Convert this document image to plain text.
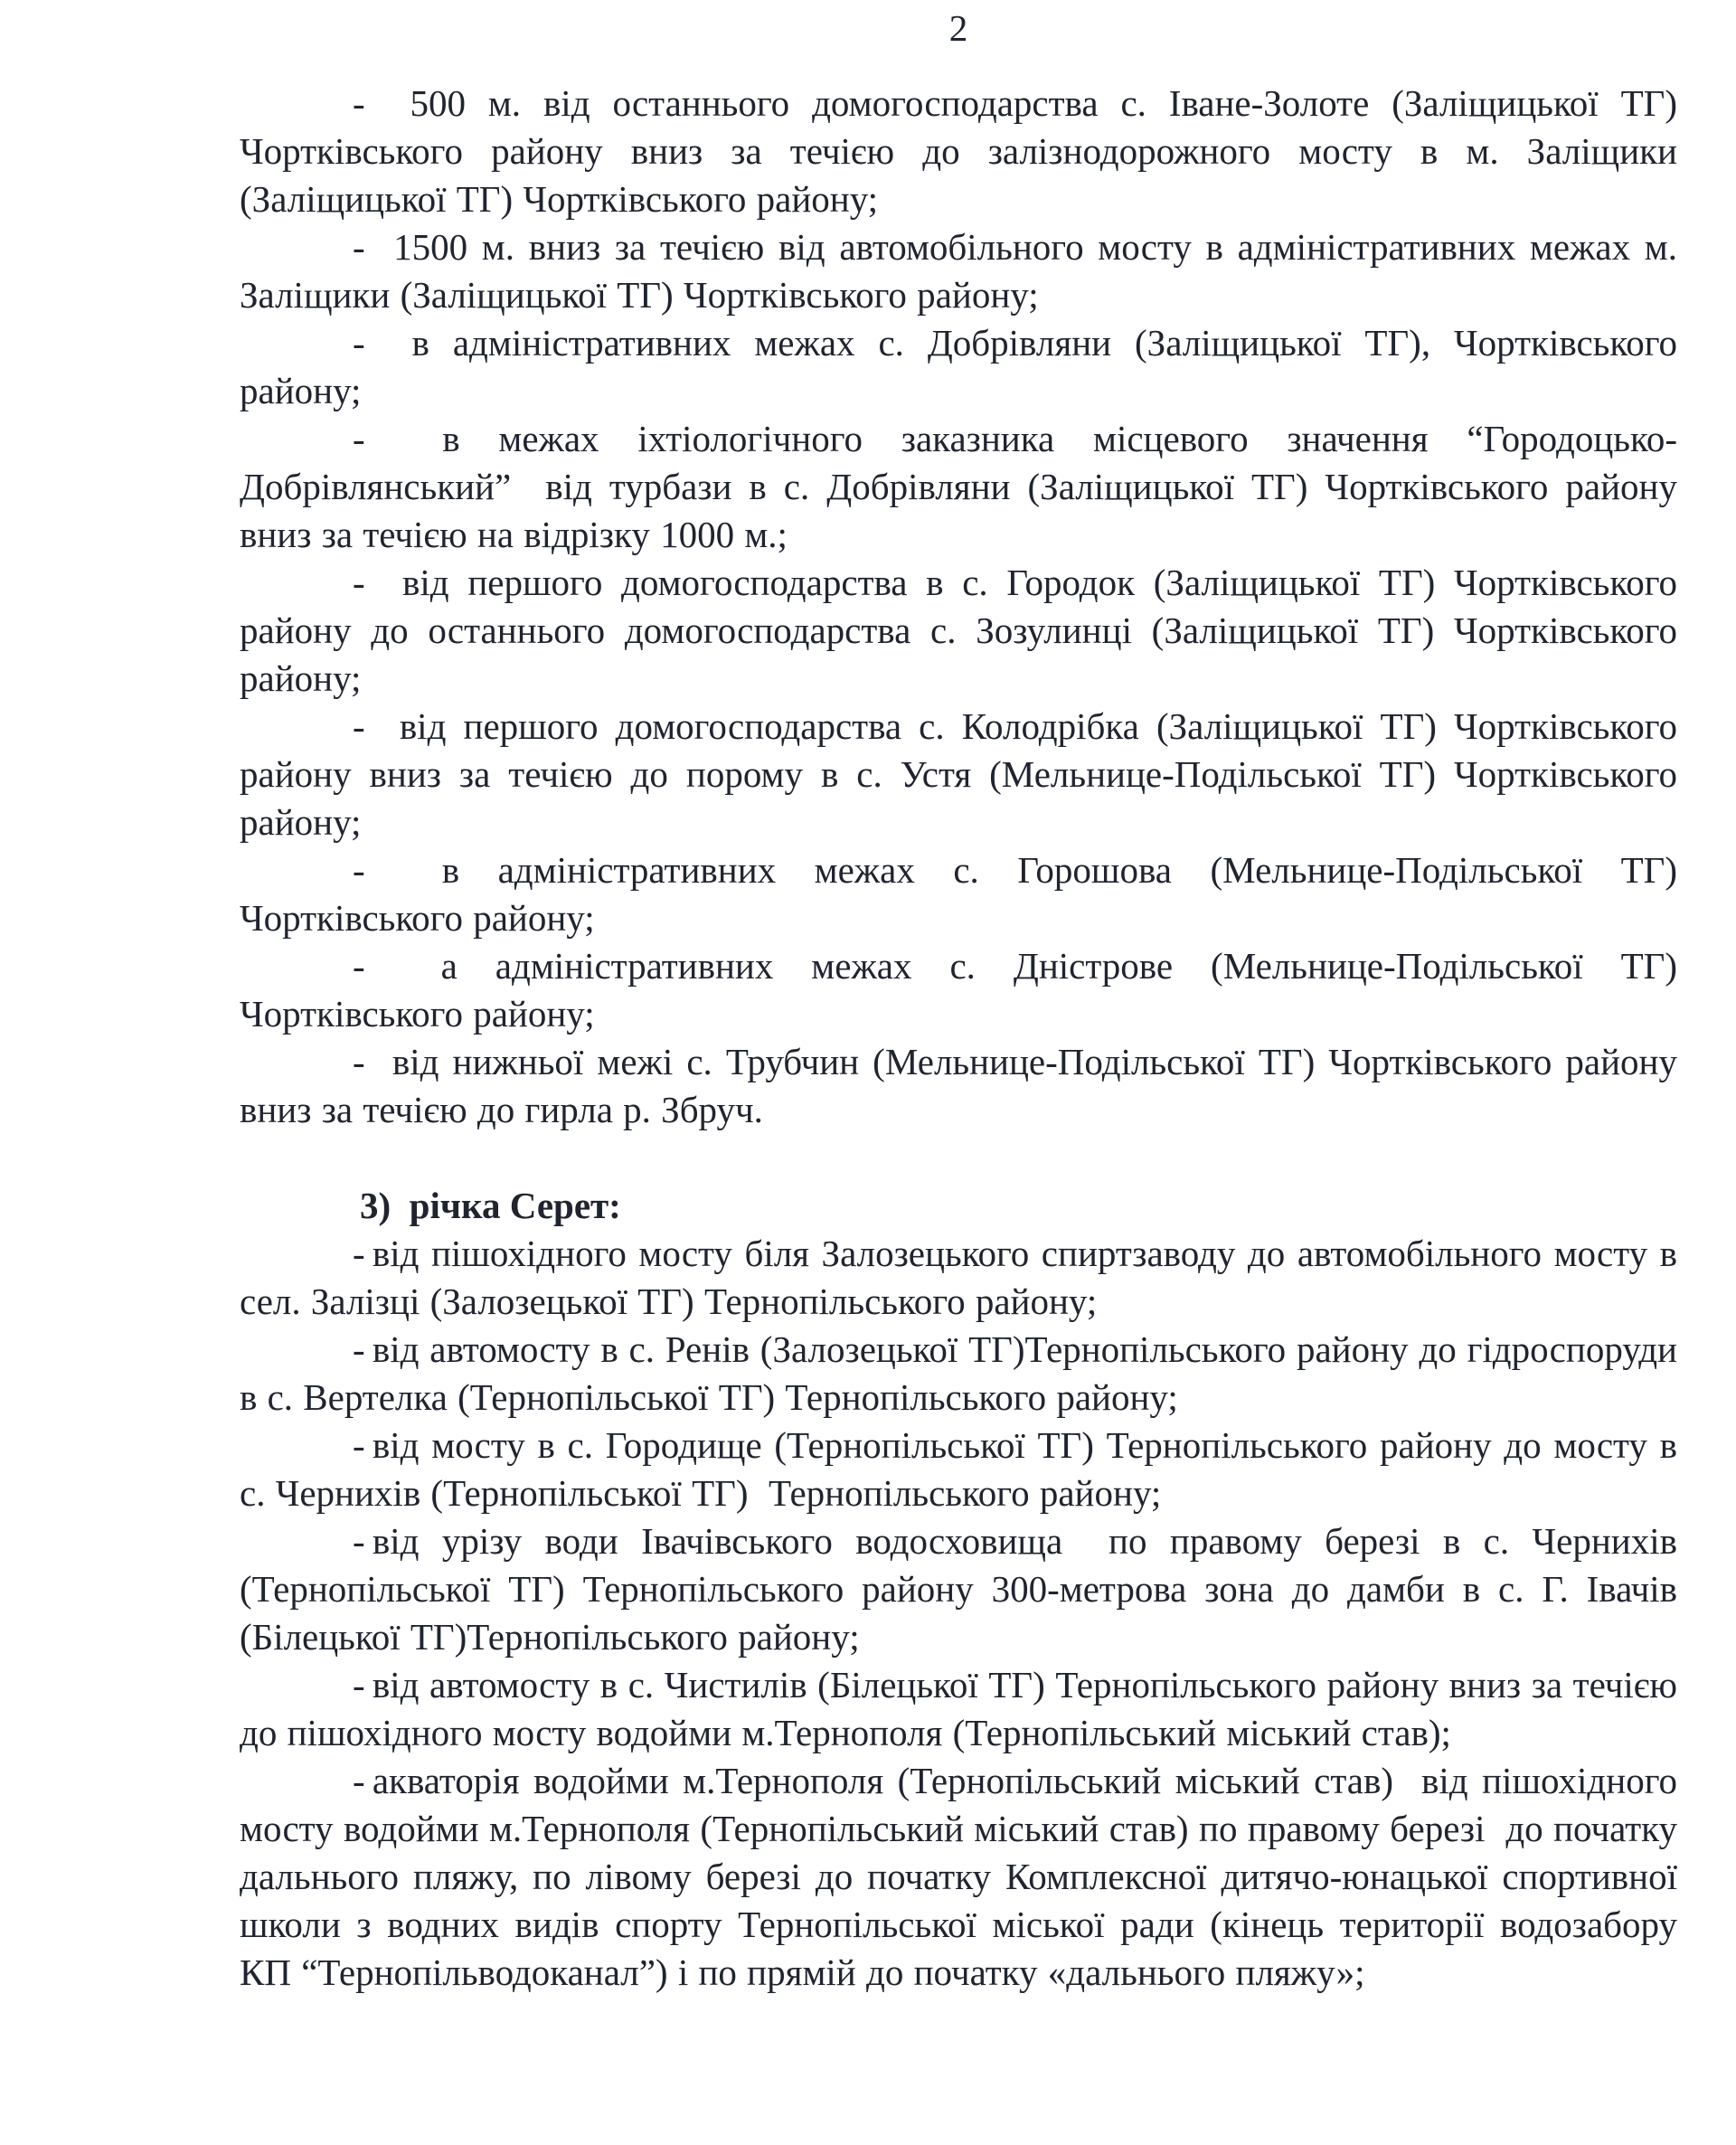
2

-  500 м. від останнього домогосподарства с. Іване-Золоте (Заліщицької ТГ) Чортківського району вниз за течією до залізнодорожного мосту в м. Заліщики (Заліщицької ТГ) Чортківського району;

-  1500 м. вниз за течією від автомобільного мосту в адміністративних межах м. Заліщики (Заліщицької ТГ) Чортківського району;

-  в адміністративних межах с. Добрівляни (Заліщицької ТГ), Чортківського району;

-  в межах іхтіологічного заказника місцевого значення “Городоцько-Добрівлянський”  від турбази в с. Добрівляни (Заліщицької ТГ) Чортківського району вниз за течією на відрізку 1000 м.;

-  від першого домогосподарства в с. Городок (Заліщицької ТГ) Чортківського району до останнього домогосподарства с. Зозулинці (Заліщицької ТГ) Чортківського району;

-  від першого домогосподарства с. Колодрібка (Заліщицької ТГ) Чортківського району вниз за течією до порому в с. Устя (Мельнице-Подільської ТГ) Чортківського району;

-  в адміністративних межах с. Горошова (Мельнице-Подільської ТГ) Чортківського району;

-  а адміністративних межах с. Дністрове (Мельнице-Подільської ТГ) Чортківського району;

-  від нижньої межі с. Трубчин (Мельнице-Подільської ТГ) Чортківського району вниз за течією до гирла р. Збруч.

3)  річка Серет:

- від пішохідного мосту біля Залозецького спиртзаводу до автомобільного мосту в сел. Залізці (Залозецької ТГ) Тернопільського району;

- від автомосту в с. Ренів (Залозецької ТГ)Тернопільського району до гідроспоруди в с. Вертелка (Тернопільської ТГ) Тернопільського району;

- від мосту в с. Городище (Тернопільської ТГ) Тернопільського району до мосту в с. Чернихів (Тернопільської ТГ)  Тернопільського району;

- від урізу води Івачівського водосховища  по правому березі в с. Чернихів (Тернопільської ТГ) Тернопільського району 300-метрова зона до дамби в с. Г. Івачів (Білецької ТГ)Тернопільського району;

- від автомосту в с. Чистилів (Білецької ТГ) Тернопільського району вниз за течією до пішохідного мосту водойми м.Тернополя (Тернопільський міський став);

- акваторія водойми м.Тернополя (Тернопільський міський став)  від пішохідного мосту водойми м.Тернополя (Тернопільський міський став) по правому березі  до початку дальнього пляжу, по лівому березі до початку Комплексної дитячо-юнацької спортивної школи з водних видів спорту Тернопільської міської ради (кінець території водозабору КП “Тернопільводоканал”) і по прямій до початку «дальнього пляжу»;
